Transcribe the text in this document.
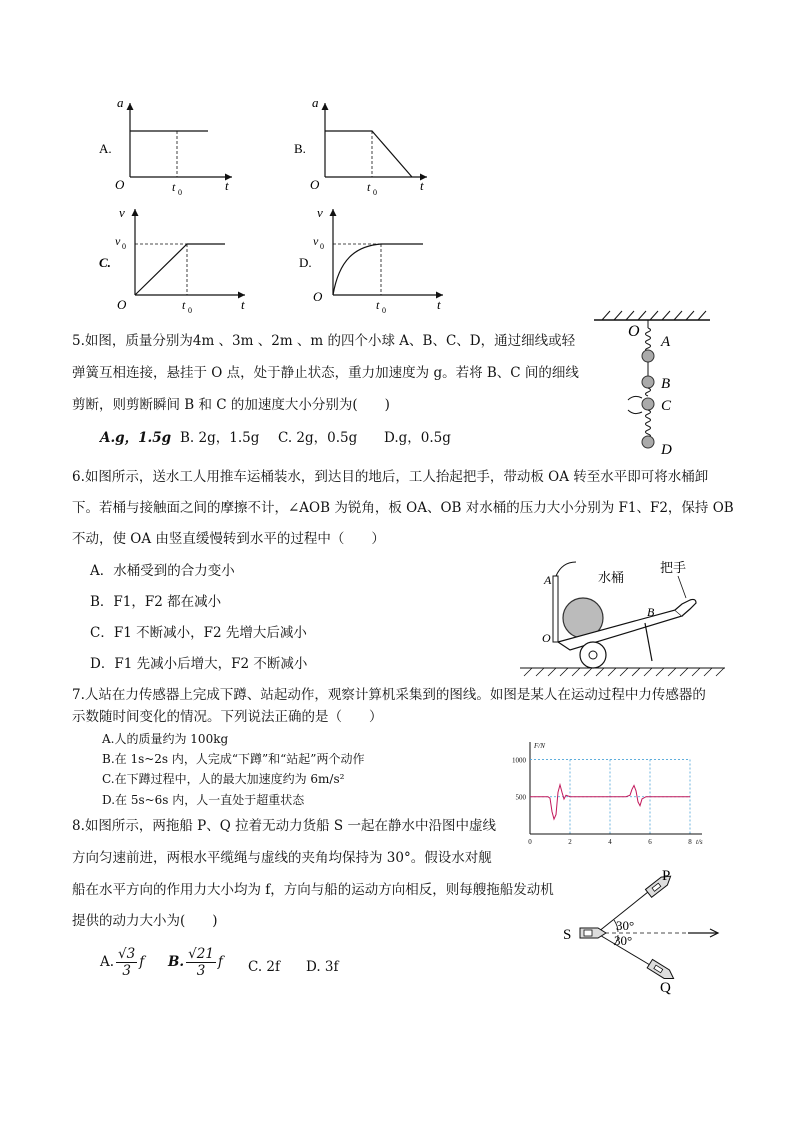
A.
a
t
O	t 0
B.
a
t
O	t 0
C.
v
t
O
v 0
t 0
D.
v
t
O
v 0
t 0
5.如图，质量分别为4m 、3m 、2m 、m 的四个小球 A、B、C、D，通过细线或轻
弹簧互相连接，悬挂于 O 点，处于静止状态，重力加速度为 g。若将 B、C 间的细线
剪断，则剪断瞬间 B 和 C 的加速度大小分别为(　　)
A.g，1.5g B. 2g，1.5g C. 2g，0.5g D.g，0.5g
O
A
B
C
D
6.如图所示，送水工人用推车运桶装水，到达目的地后，工人抬起把手，带动板 OA 转至水平即可将水桶卸
下。若桶与接触面之间的摩擦不计，∠AOB 为锐角，板 OA、OB 对水桶的压力大小分别为 F1、F2，保持 OB
不动，使 OA 由竖直缓慢转到水平的过程中（　　）
A．水桶受到的合力变小
B．F1，F2 都在减小
C．F1 不断减小，F2 先增大后减小
D．F1 先减小后增大，F2 不断减小
A
O
水桶
B
把手
7.人站在力传感器上完成下蹲、站起动作，观察计算机采集到的图线。如图是某人在运动过程中力传感器的
示数随时间变化的情况。下列说法正确的是（　　）
A.人的质量约为 100kg
B.在 1s~2s 内，人完成“下蹲”和“站起”两个动作
C.在下蹲过程中，人的最大加速度约为 6m/s²
D.在 5s~6s 内，人一直处于超重状态
1000
500
0	2	4	6	8
F/N
t/s
8.如图所示，两拖船 P、Q 拉着无动力货船 S 一起在静水中沿图中虚线
方向匀速前进，两根水平缆绳与虚线的夹角均保持为 30°。假设水对舰
船在水平方向的作用力大小均为 f，方向与船的运动方向相反，则每艘拖船发动机
提供的动力大小为(　　)
A. $\frac{√3}{3}$ f B. $\frac{√21}{3}$ f C. 2f D. 3f
S
P
Q
30°
30°
